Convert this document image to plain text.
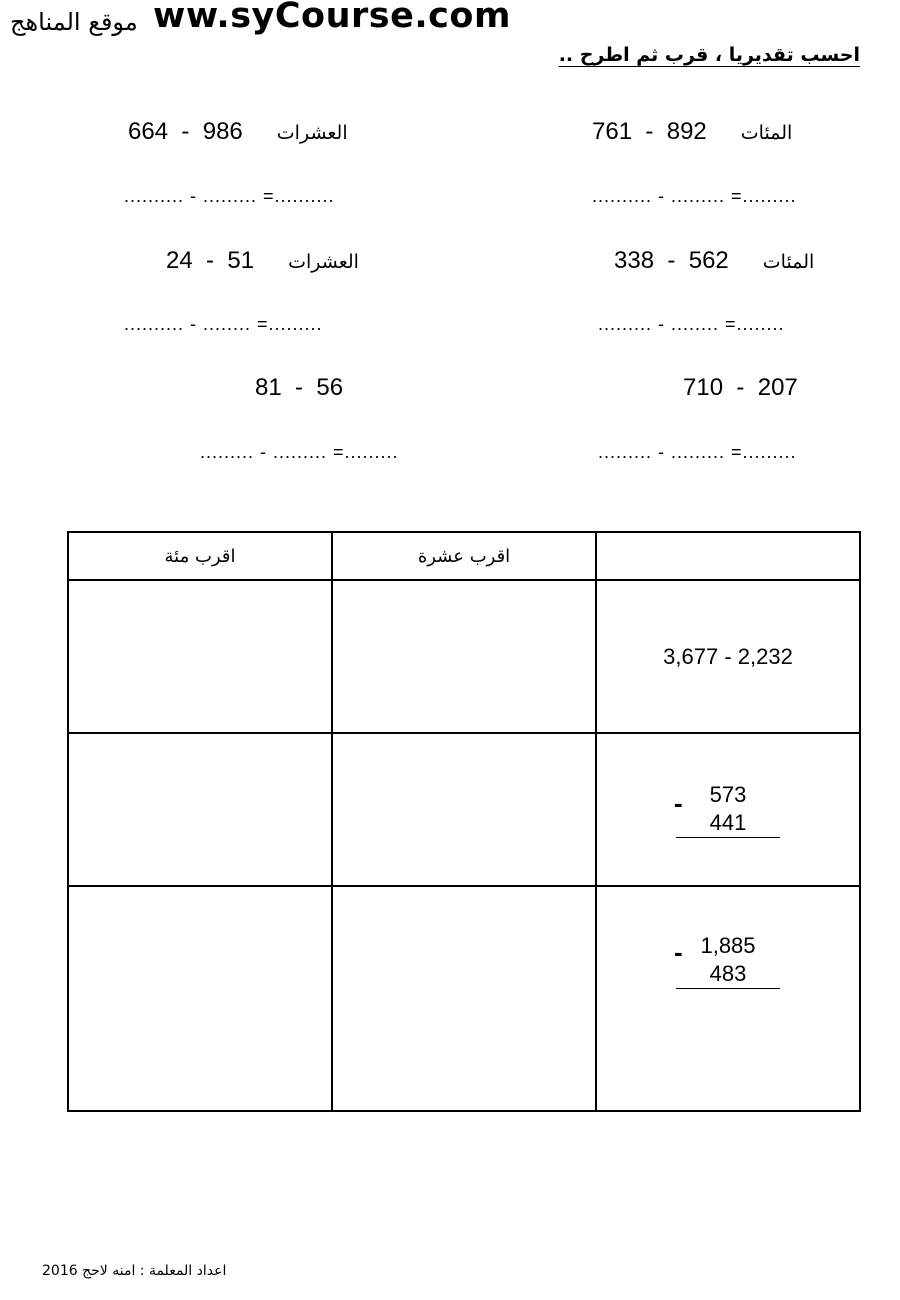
موقع المناهج ww.syCourse.com
احسب تقديريا ، قرب ثم اطرح ..
المئات   892  -  761
العشرات   986  -  664
.......... - ......... =.........
.......... - ......... =..........
المئات   562  -  338
العشرات   51  -  24
......... - ........ =........
.......... - ........ =.........
710 - 207
81 - 56
......... - ......... =.........
......... - ......... =.........
اقرب مئة	اقرب عشرة	
		3,677 - 2,232

		573
-
441

		1,885
-
483
اعداد المعلمة : امنه لاحج 2016
